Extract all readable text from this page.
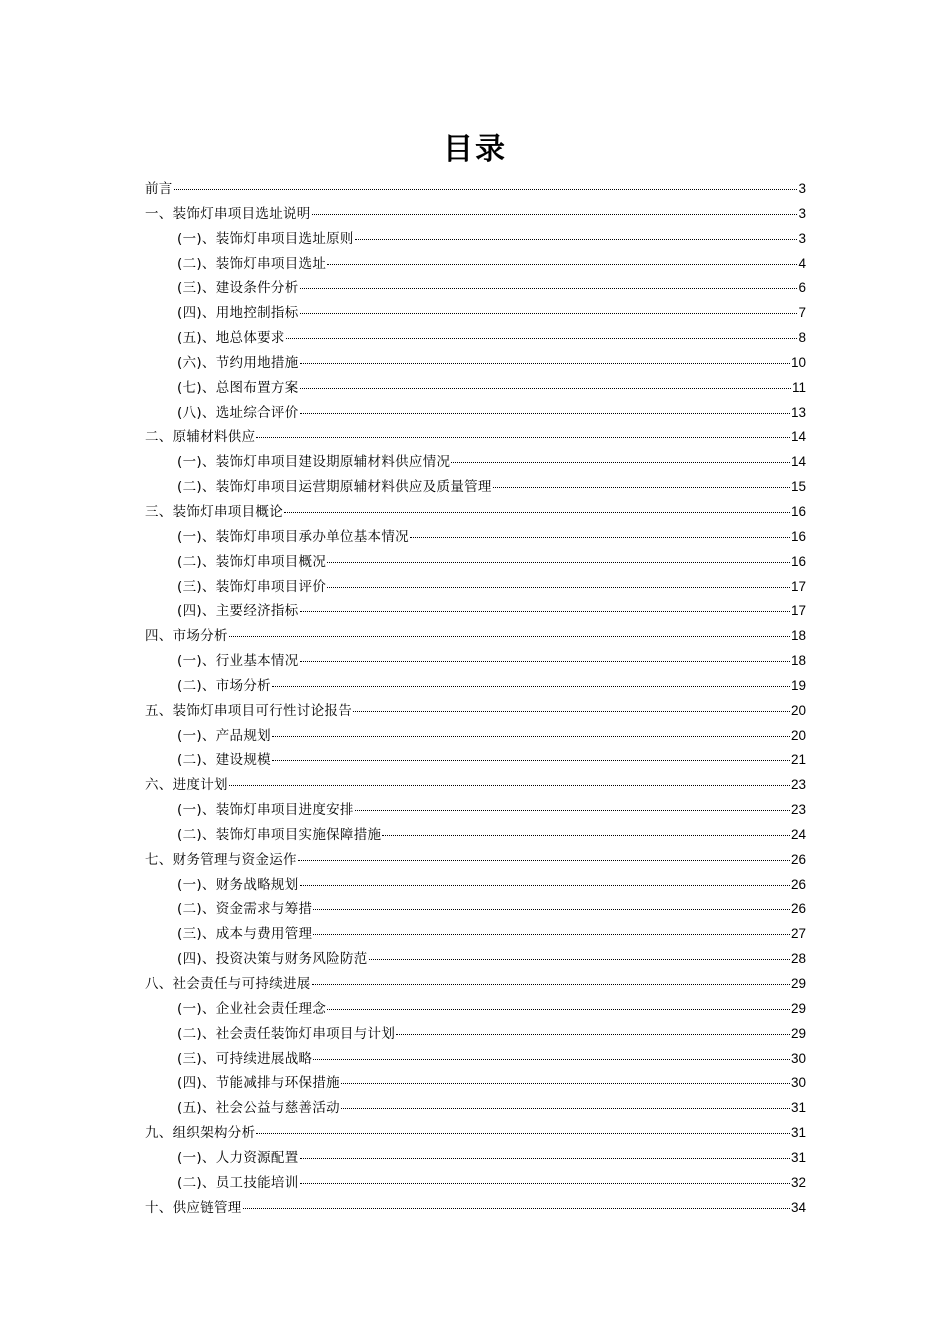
目录
前言	3
一、装饰灯串项目选址说明	3
(一)、装饰灯串项目选址原则	3
(二)、装饰灯串项目选址	4
(三)、建设条件分析	6
(四)、用地控制指标	7
(五)、地总体要求	8
(六)、节约用地措施	10
(七)、总图布置方案	11
(八)、选址综合评价	13
二、原辅材料供应	14
(一)、装饰灯串项目建设期原辅材料供应情况	14
(二)、装饰灯串项目运营期原辅材料供应及质量管理	15
三、装饰灯串项目概论	16
(一)、装饰灯串项目承办单位基本情况	16
(二)、装饰灯串项目概况	16
(三)、装饰灯串项目评价	17
(四)、主要经济指标	17
四、市场分析	18
(一)、行业基本情况	18
(二)、市场分析	19
五、装饰灯串项目可行性讨论报告	20
(一)、产品规划	20
(二)、建设规模	21
六、进度计划	23
(一)、装饰灯串项目进度安排	23
(二)、装饰灯串项目实施保障措施	24
七、财务管理与资金运作	26
(一)、财务战略规划	26
(二)、资金需求与筹措	26
(三)、成本与费用管理	27
(四)、投资决策与财务风险防范	28
八、社会责任与可持续进展	29
(一)、企业社会责任理念	29
(二)、社会责任装饰灯串项目与计划	29
(三)、可持续进展战略	30
(四)、节能减排与环保措施	30
(五)、社会公益与慈善活动	31
九、组织架构分析	31
(一)、人力资源配置	31
(二)、员工技能培训	32
十、供应链管理	34
